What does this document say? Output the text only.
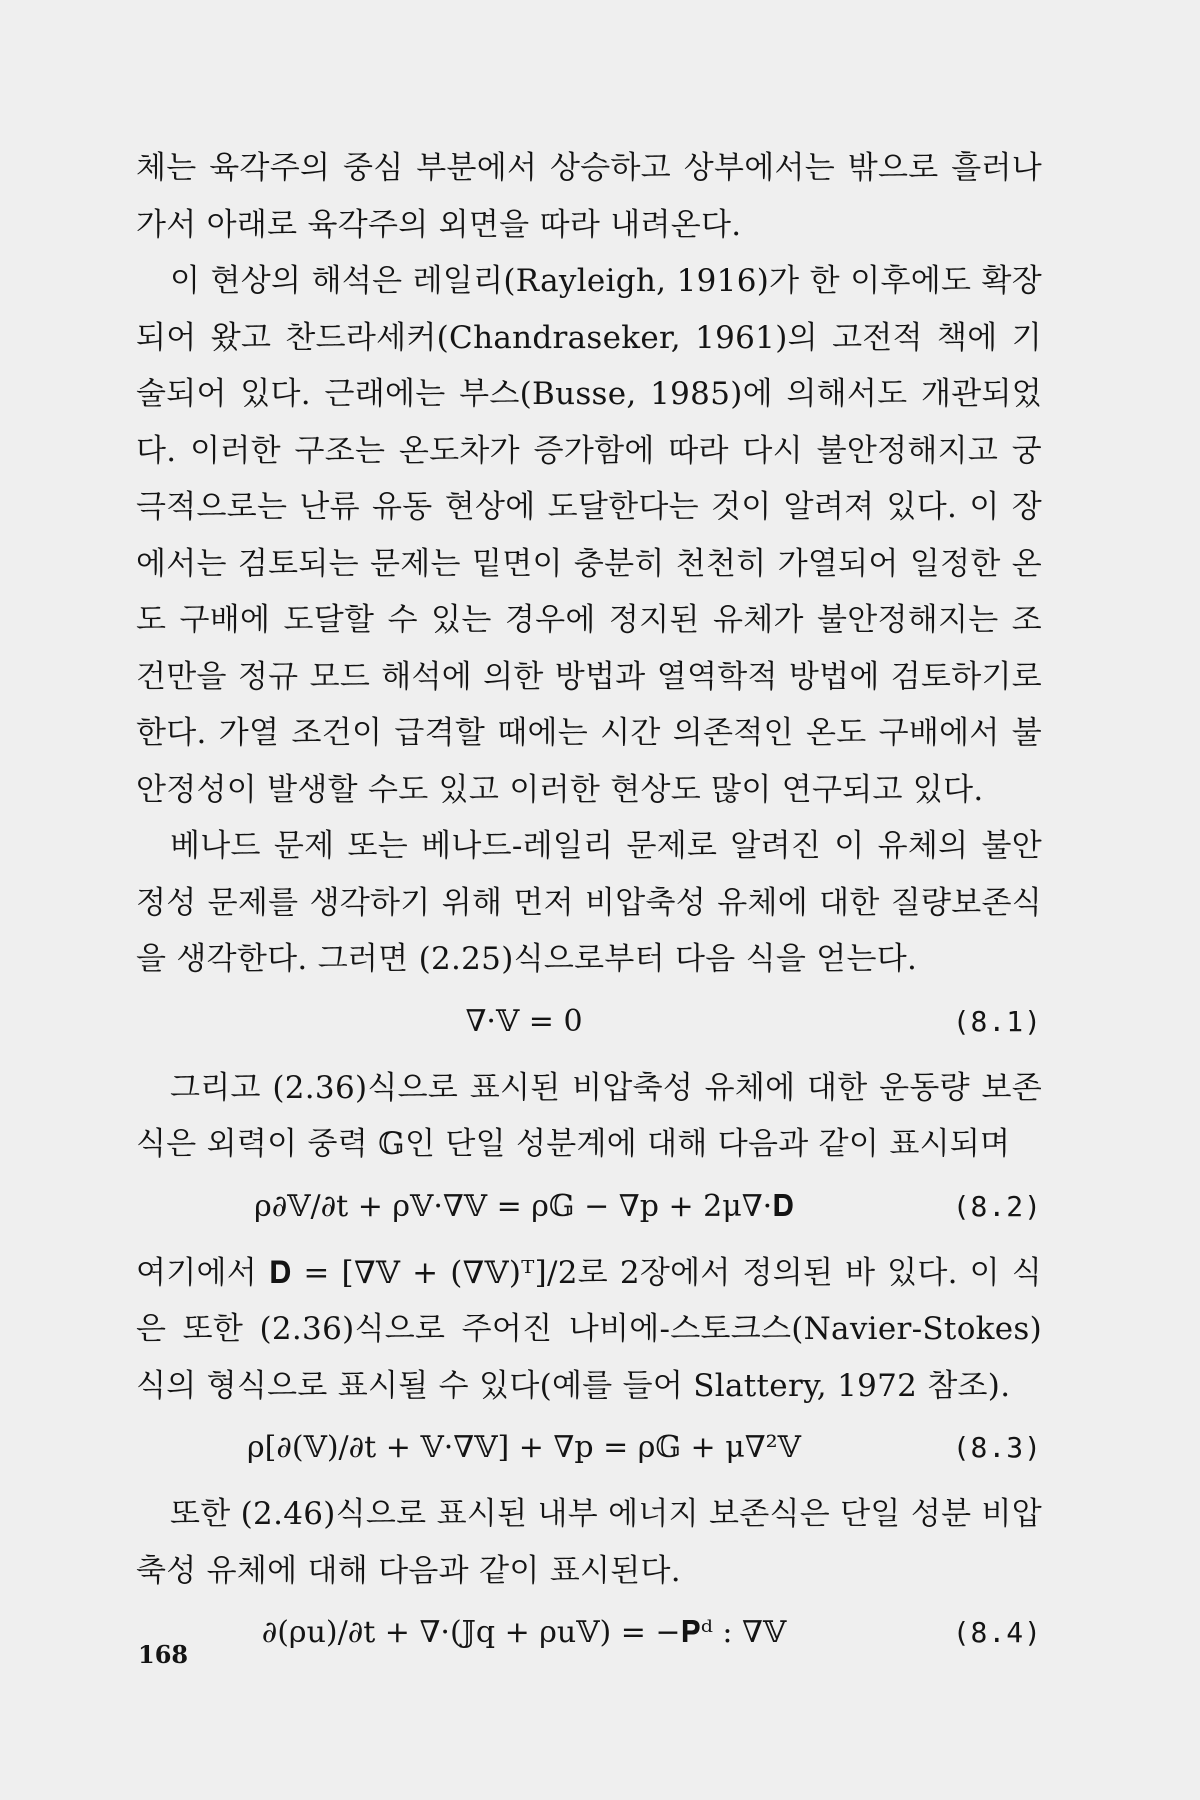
체는 육각주의 중심 부분에서 상승하고 상부에서는 밖으로 흘러나가서 아래로 육각주의 외면을 따라 내려온다.

이 현상의 해석은 레일리(Rayleigh, 1916)가 한 이후에도 확장되어 왔고 찬드라세커(Chandraseker, 1961)의 고전적 책에 기술되어 있다. 근래에는 부스(Busse, 1985)에 의해서도 개관되었다. 이러한 구조는 온도차가 증가함에 따라 다시 불안정해지고 궁극적으로는 난류 유동 현상에 도달한다는 것이 알려져 있다. 이 장에서는 검토되는 문제는 밑면이 충분히 천천히 가열되어 일정한 온도 구배에 도달할 수 있는 경우에 정지된 유체가 불안정해지는 조건만을 정규 모드 해석에 의한 방법과 열역학적 방법에 검토하기로 한다. 가열 조건이 급격할 때에는 시간 의존적인 온도 구배에서 불안정성이 발생할 수도 있고 이러한 현상도 많이 연구되고 있다.

베나드 문제 또는 베나드-레일리 문제로 알려진 이 유체의 불안정성 문제를 생각하기 위해 먼저 비압축성 유체에 대한 질량보존식을 생각한다. 그러면 (2.25)식으로부터 다음 식을 얻는다.

∇·𝕍 = 0	(8.1)

그리고 (2.36)식으로 표시된 비압축성 유체에 대한 운동량 보존식은 외력이 중력 𝔾인 단일 성분계에 대해 다음과 같이 표시되며

ρ∂𝕍/∂t + ρ𝕍·∇𝕍 = ρ𝔾 − ∇p + 2μ∇·𝐃	(8.2)

여기에서 𝐃 = [∇𝕍 + (∇𝕍)ᵀ]/2로 2장에서 정의된 바 있다. 이 식은 또한 (2.36)식으로 주어진 나비에-스토크스(Navier-Stokes)식의 형식으로 표시될 수 있다(예를 들어 Slattery, 1972 참조).

ρ[∂(𝕍)/∂t + 𝕍·∇𝕍] + ∇p = ρ𝔾 + μ∇²𝕍	(8.3)

또한 (2.46)식으로 표시된 내부 에너지 보존식은 단일 성분 비압축성 유체에 대해 다음과 같이 표시된다.

∂(ρu)/∂t + ∇·(𝕁q + ρu𝕍) = −𝐏ᵈ : ∇𝕍	(8.4)
168
